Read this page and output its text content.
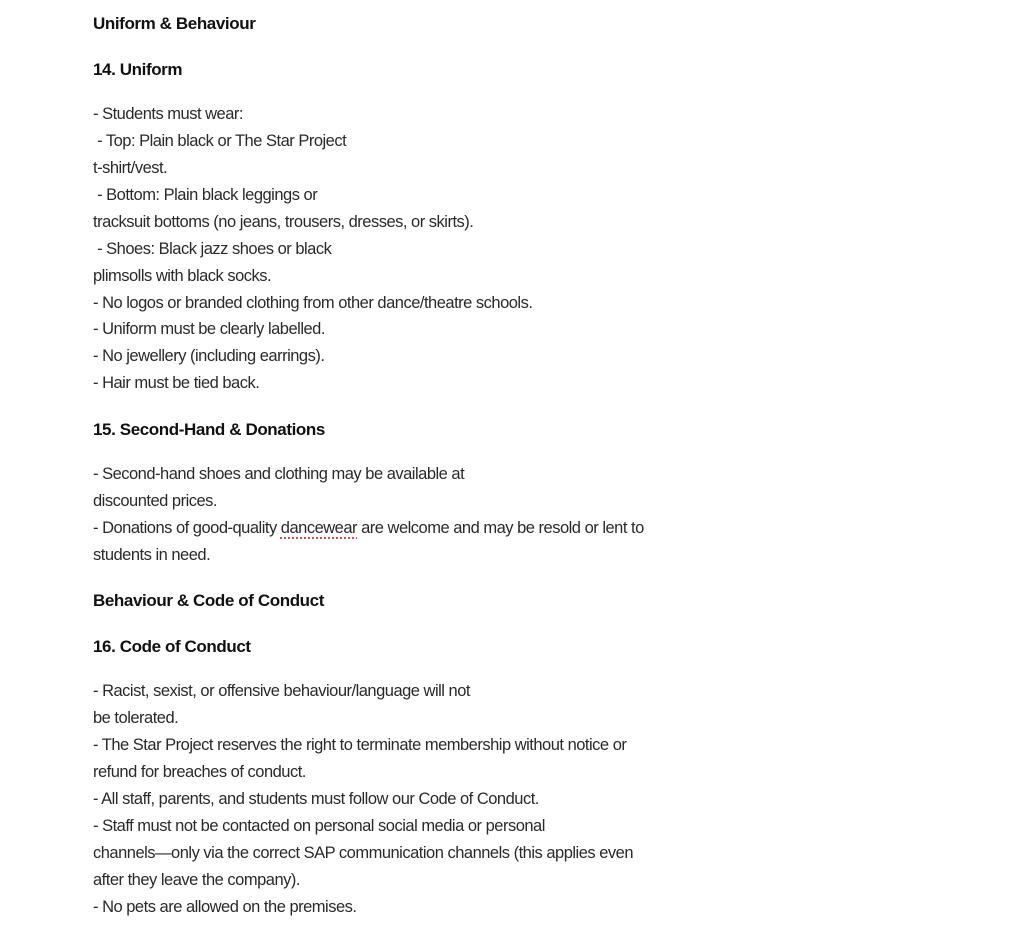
Uniform & Behaviour
14. Uniform
- Students must wear:
- Top: Plain black or The Star Project
t-shirt/vest.
- Bottom: Plain black leggings or
tracksuit bottoms (no jeans, trousers, dresses, or skirts).
- Shoes: Black jazz shoes or black
plimsolls with black socks.
- No logos or branded clothing from other dance/theatre schools.
- Uniform must be clearly labelled.
- No jewellery (including earrings).
- Hair must be tied back.
15. Second-Hand & Donations
- Second-hand shoes and clothing may be available at
discounted prices.
- Donations of good-quality dancewear are welcome and may be resold or lent to
students in need.
Behaviour & Code of Conduct
16. Code of Conduct
- Racist, sexist, or offensive behaviour/language will not
be tolerated.
- The Star Project reserves the right to terminate membership without notice or
refund for breaches of conduct.
- All staff, parents, and students must follow our Code of Conduct.
- Staff must not be contacted on personal social media or personal
channels—only via the correct SAP communication channels (this applies even
after they leave the company).
- No pets are allowed on the premises.
